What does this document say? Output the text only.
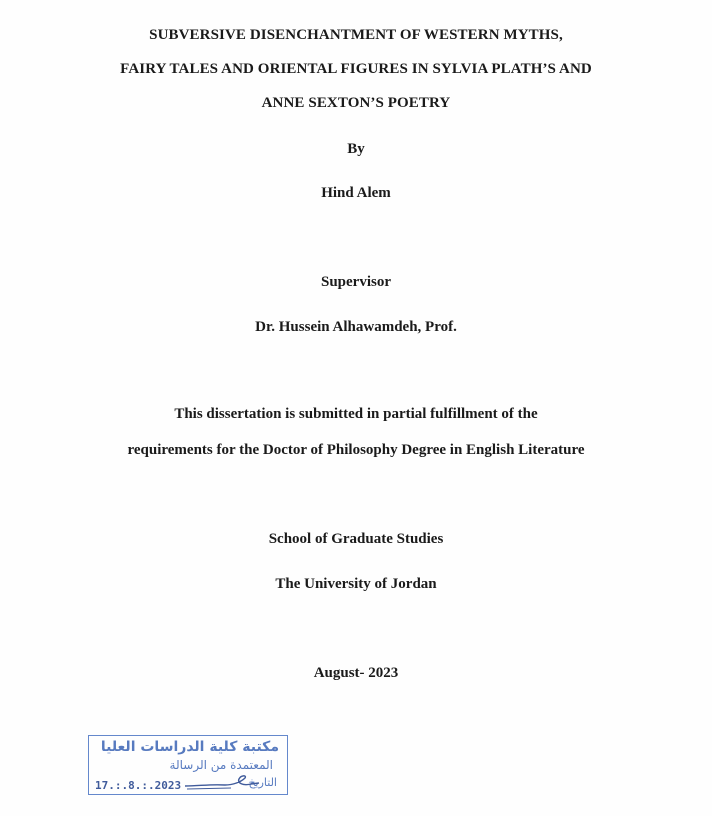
SUBVERSIVE DISENCHANTMENT OF WESTERN MYTHS,
FAIRY TALES AND ORIENTAL FIGURES IN SYLVIA PLATH’S AND
ANNE SEXTON’S POETRY
By
Hind Alem
Supervisor
Dr. Hussein Alhawamdeh, Prof.
This dissertation is submitted in partial fulfillment of the
requirements for the Doctor of Philosophy Degree in English Literature
School of Graduate Studies
The University of Jordan
August- 2023
مكتبة كلية الدراسات العليا
المعتمدة من الرسالة
التاريخ
17.:.8.:.2023
